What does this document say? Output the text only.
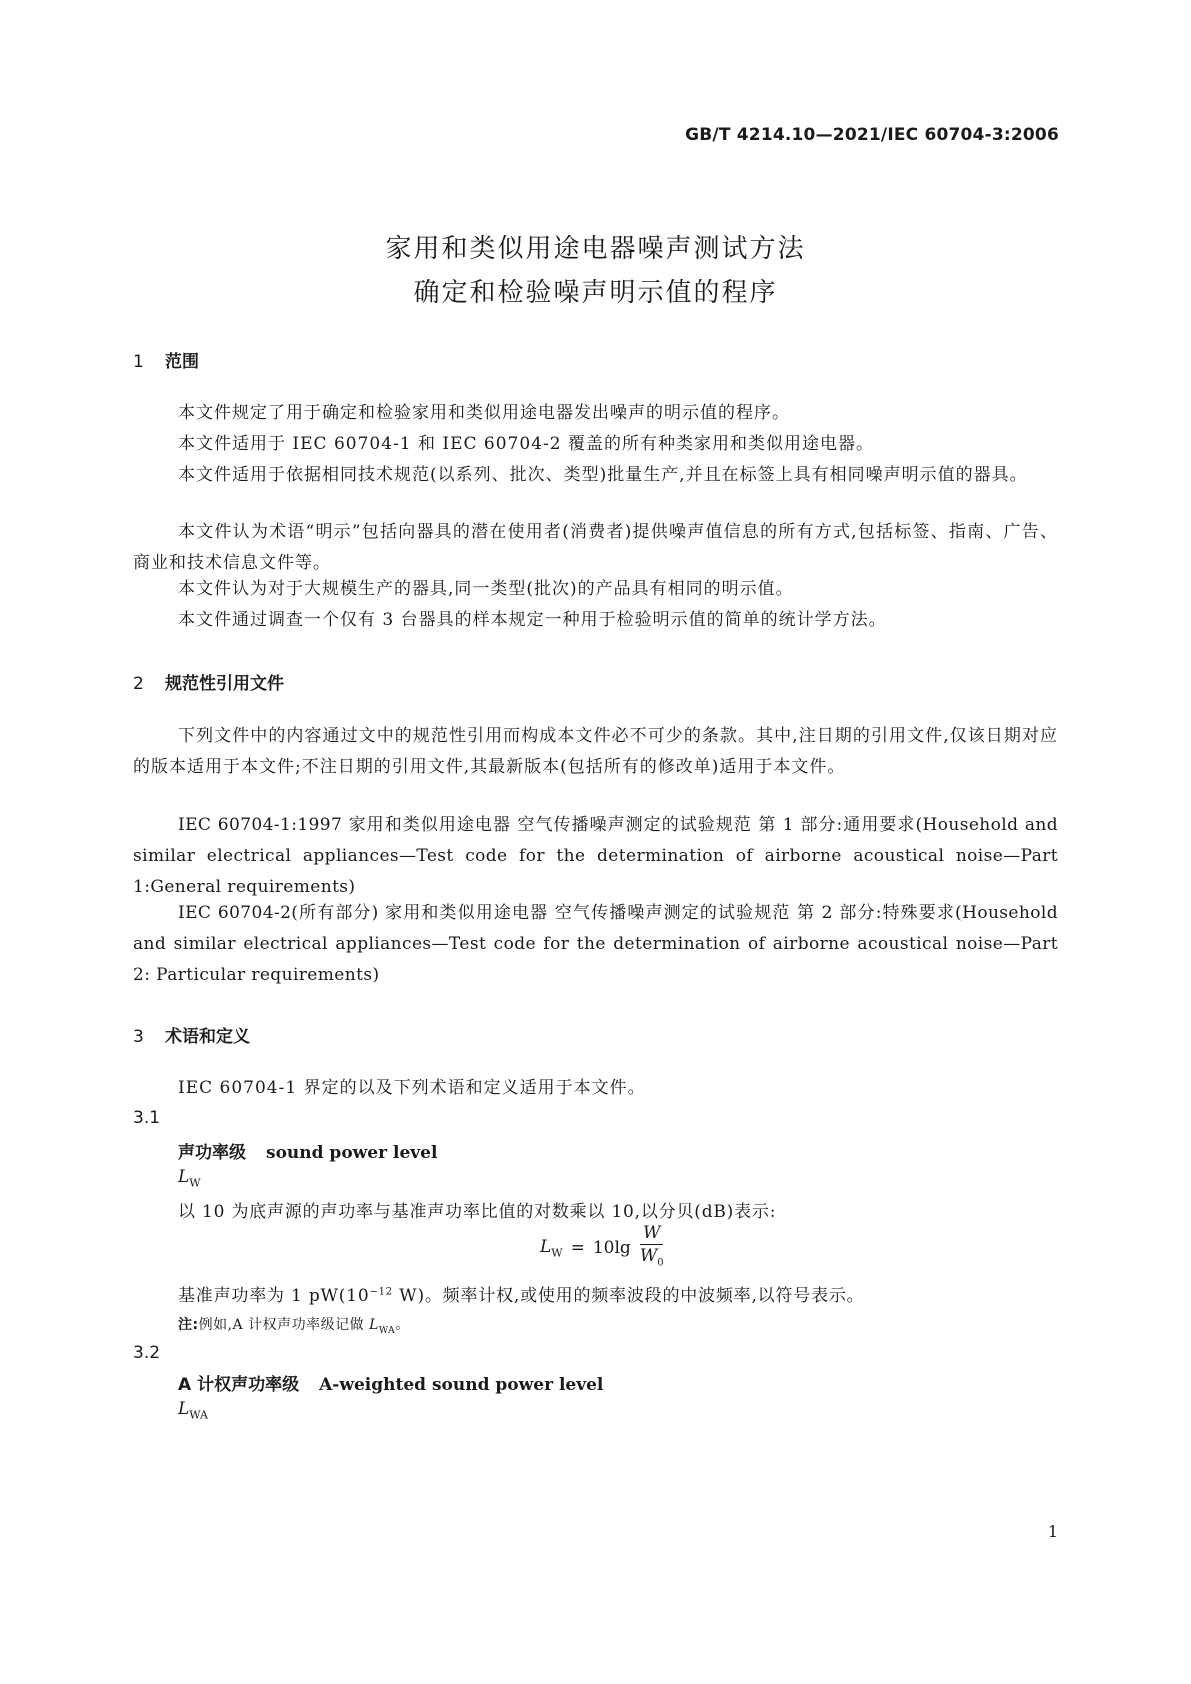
GB/T 4214.10—2021/IEC 60704-3:2006
家用和类似用途电器噪声测试方法
确定和检验噪声明示值的程序
1 范围

本文件规定了用于确定和检验家用和类似用途电器发出噪声的明示值的程序。

本文件适用于 IEC 60704-1 和 IEC 60704-2 覆盖的所有种类家用和类似用途电器。

本文件适用于依据相同技术规范(以系列、批次、类型)批量生产,并且在标签上具有相同噪声明示值的器具。

本文件认为术语“明示”包括向器具的潜在使用者(消费者)提供噪声值信息的所有方式,包括标签、指南、广告、商业和技术信息文件等。

本文件认为对于大规模生产的器具,同一类型(批次)的产品具有相同的明示值。

本文件通过调查一个仅有 3 台器具的样本规定一种用于检验明示值的简单的统计学方法。

2 规范性引用文件

下列文件中的内容通过文中的规范性引用而构成本文件必不可少的条款。其中,注日期的引用文件,仅该日期对应的版本适用于本文件;不注日期的引用文件,其最新版本(包括所有的修改单)适用于本文件。

IEC 60704-1:1997 家用和类似用途电器 空气传播噪声测定的试验规范 第 1 部分:通用要求(Household and similar electrical appliances—Test code for the determination of airborne acoustical noise—Part 1:General requirements)

IEC 60704-2(所有部分) 家用和类似用途电器 空气传播噪声测定的试验规范 第 2 部分:特殊要求(Household and similar electrical appliances—Test code for the determination of airborne acoustical noise—Part 2: Particular requirements)

3 术语和定义

IEC 60704-1 界定的以及下列术语和定义适用于本文件。

3.1
声功率级 sound power level
$L_W$
以 10 为底声源的声功率与基准声功率比值的对数乘以 10,以分贝(dB)表示:
$L_W = 10\lg \frac{W}{W_0}$
基准声功率为 1 $pW(10^{-12}$ W)。频率计权,或使用的频率波段的中波频率,以符号表示。
注:例如,A 计权声功率级记做 $L_{WA}$。
3.2
A 计权声功率级 A-weighted sound power level
$L_{WA}$
1
